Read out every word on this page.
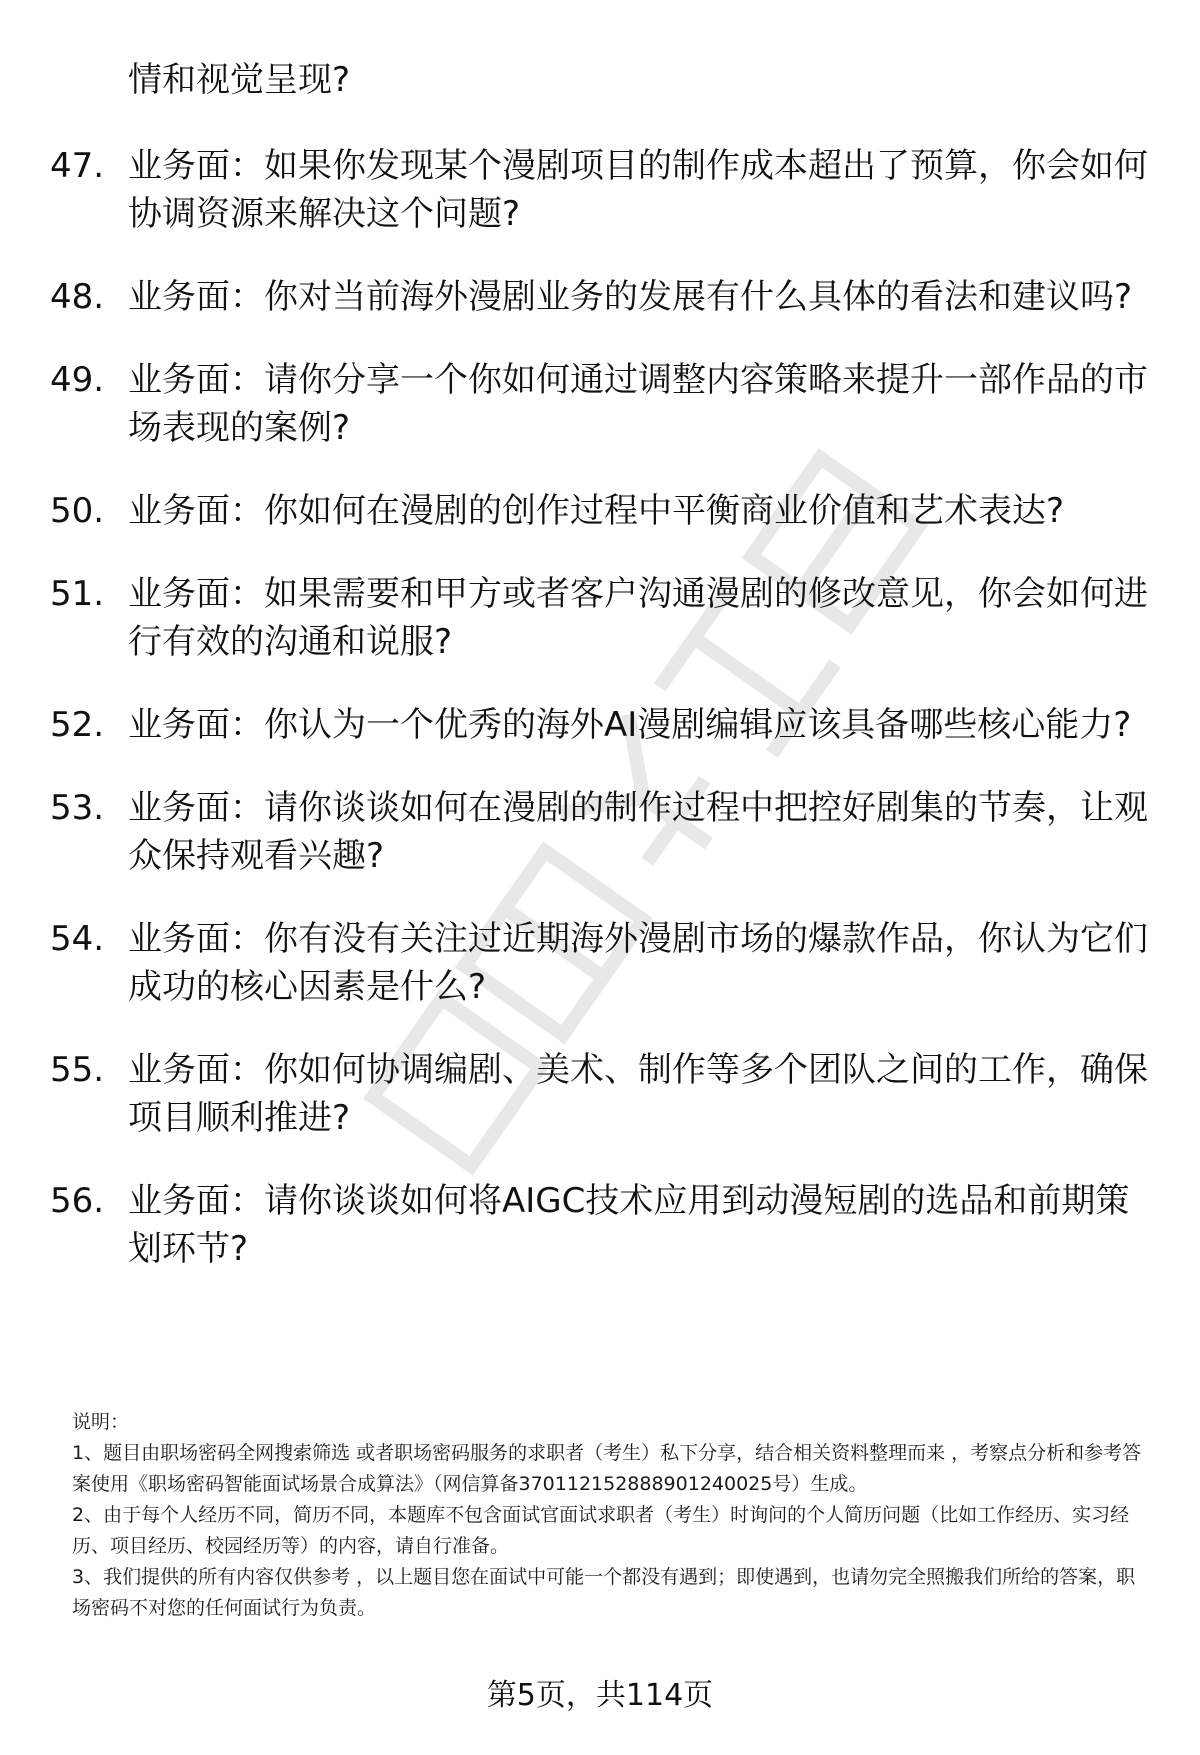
情和视觉呈现?

47. 业务面：如果你发现某个漫剧项目的制作成本超出了预算，你会如何协调资源来解决这个问题?
48. 业务面：你对当前海外漫剧业务的发展有什么具体的看法和建议吗?
49. 业务面：请你分享一个你如何通过调整内容策略来提升一部作品的市场表现的案例?
50. 业务面：你如何在漫剧的创作过程中平衡商业价值和艺术表达?
51. 业务面：如果需要和甲方或者客户沟通漫剧的修改意见，你会如何进行有效的沟通和说服?
52. 业务面：你认为一个优秀的海外AI漫剧编辑应该具备哪些核心能力?
53. 业务面：请你谈谈如何在漫剧的制作过程中把控好剧集的节奏，让观众保持观看兴趣?
54. 业务面：你有没有关注过近期海外漫剧市场的爆款作品，你认为它们成功的核心因素是什么?
55. 业务面：你如何协调编剧、美术、制作等多个团队之间的工作，确保项目顺利推进?
56. 业务面：请你谈谈如何将AIGC技术应用到动漫短剧的选品和前期策划环节?

说明：

1、题目由职场密码全网搜索筛选 或者职场密码服务的求职者（考生）私下分享，结合相关资料整理而来 ，考察点分析和参考答案使用《职场密码智能面试场景合成算法》（网信算备370112152888901240025号）生成。

2、由于每个人经历不同，简历不同，本题库不包含面试官面试求职者（考生）时询问的个人简历问题（比如工作经历、实习经历、项目经历、校园经历等）的内容，请自行准备。

3、我们提供的所有内容仅供参考 ，以上题目您在面试中可能一个都没有遇到；即使遇到，也请勿完全照搬我们所给的答案，职场密码不对您的任何面试行为负责。

第5页，共114页
